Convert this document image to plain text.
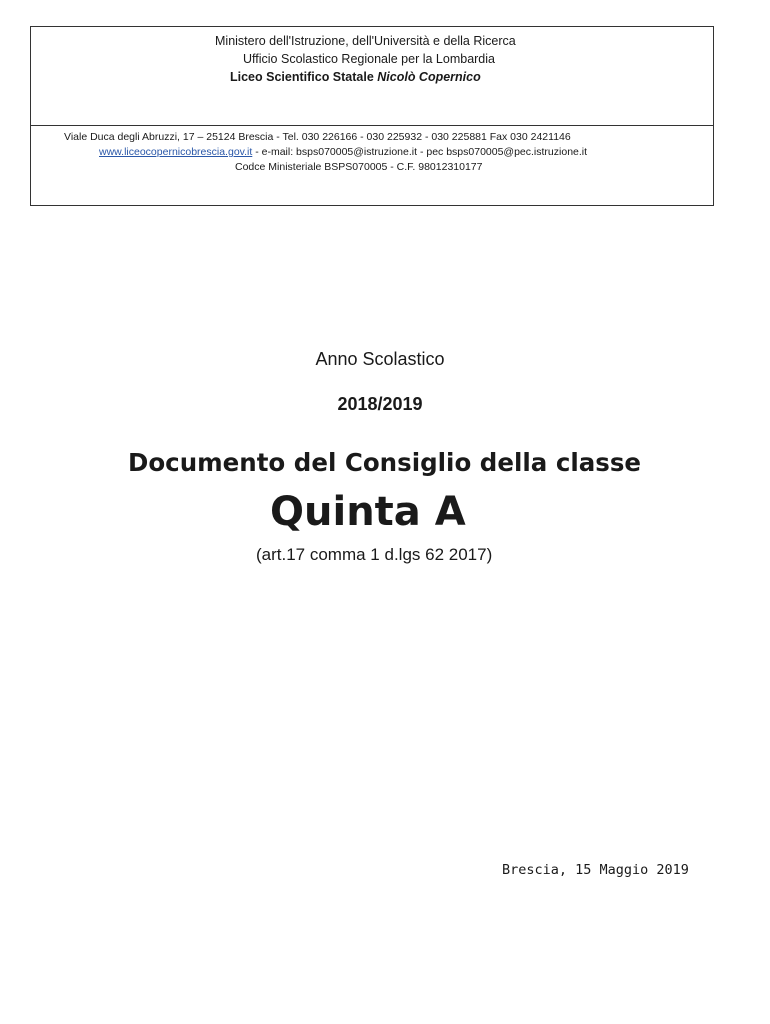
Ministero dell'Istruzione, dell'Università e della Ricerca
Ufficio Scolastico Regionale per la Lombardia
Liceo Scientifico Statale Nicolò Copernico
Viale Duca degli Abruzzi, 17 – 25124 Brescia - Tel. 030 226166 - 030 225932 - 030 225881 Fax 030 2421146
www.liceocopernicobrescia.gov.it - e-mail: bsps070005@istruzione.it - pec bsps070005@pec.istruzione.it
Codce Ministeriale BSPS070005 - C.F. 98012310177
Anno Scolastico
2018/2019
Documento del Consiglio della classe
Quinta A
(art.17 comma 1 d.lgs 62 2017)
Brescia, 15 Maggio 2019
